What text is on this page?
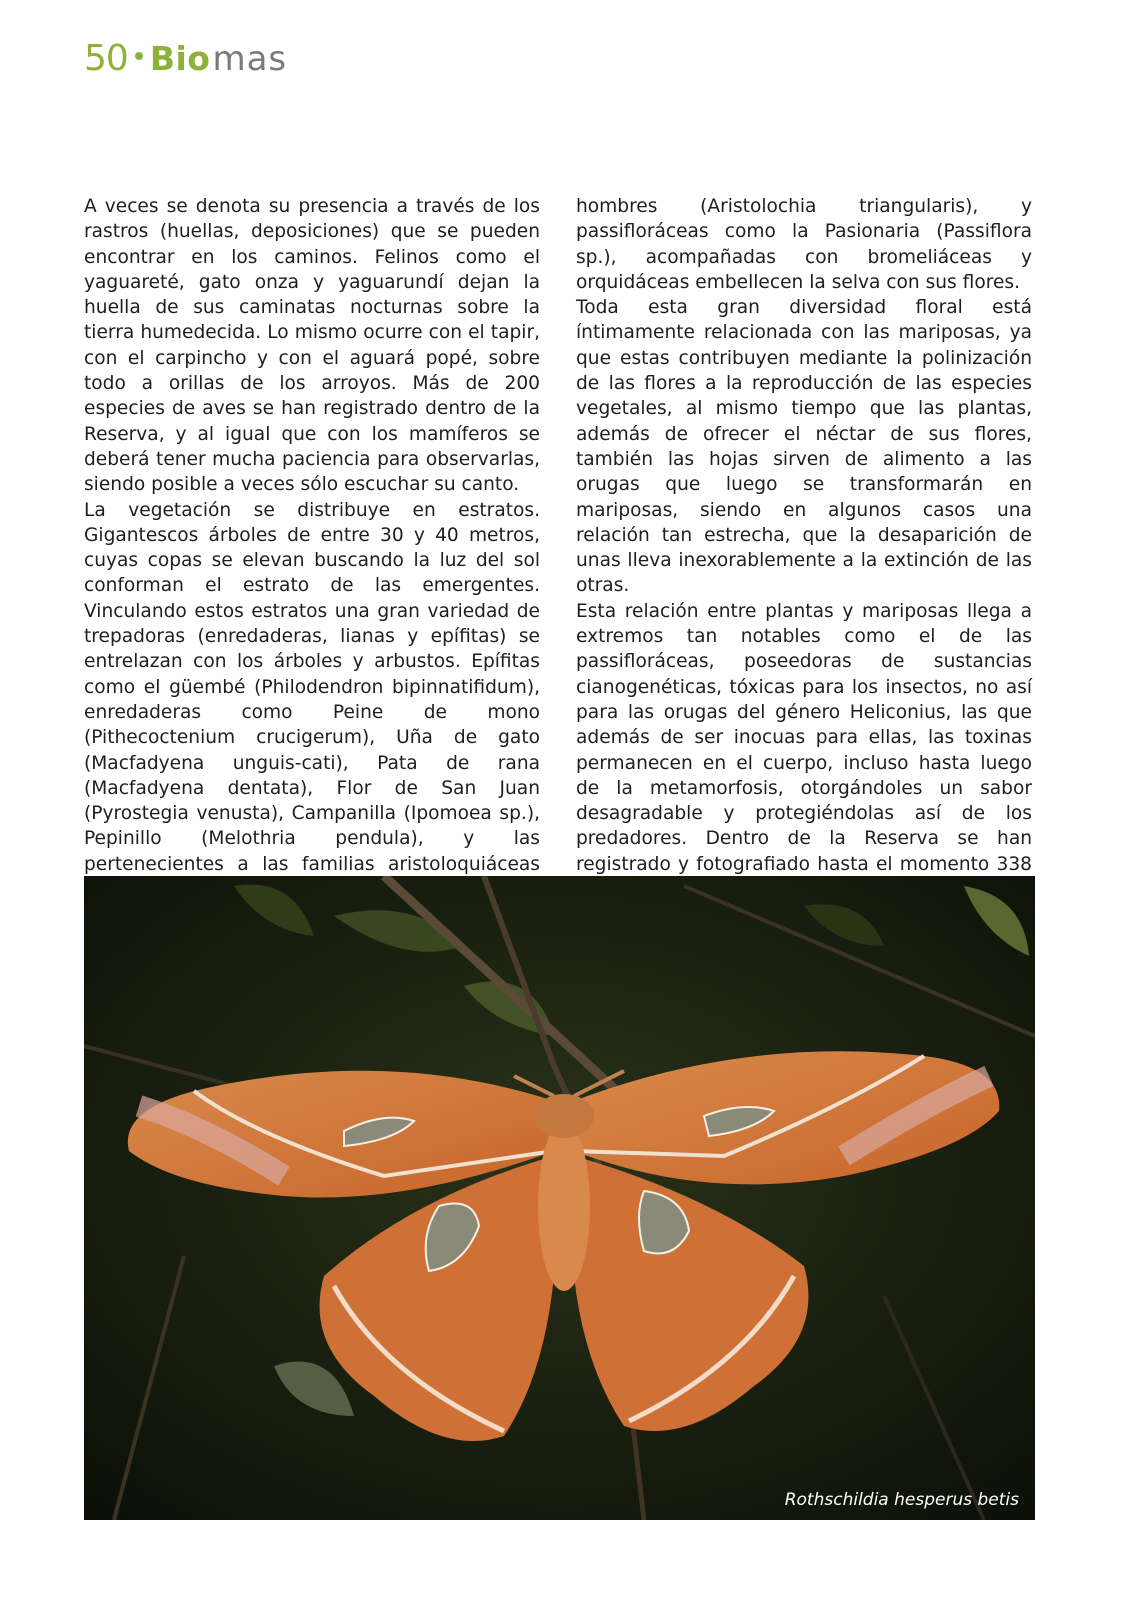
50 Bio mas

A veces se denota su presencia a través de los rastros (huellas, deposiciones) que se pueden encontrar en los caminos. Felinos como el yaguareté, gato onza y yaguarundí dejan la huella de sus caminatas nocturnas sobre la tierra humedecida. Lo mismo ocurre con el tapir, con el carpincho y con el aguará popé, sobre todo a orillas de los arroyos. Más de 200 especies de aves se han registrado dentro de la Reserva, y al igual que con los mamíferos se deberá tener mucha paciencia para observarlas, siendo posible a veces sólo escuchar su canto.

La vegetación se distribuye en estratos. Gigantescos árboles de entre 30 y 40 metros, cuyas copas se elevan buscando la luz del sol conforman el estrato de las emergentes. Vinculando estos estratos una gran variedad de trepadoras (enredaderas, lianas y epífitas) se entrelazan con los árboles y arbustos. Epífitas como el güembé (Philodendron bipinnatifidum), enredaderas como Peine de mono (Pithecoctenium crucigerum), Uña de gato (Macfadyena unguis-cati), Pata de rana (Macfadyena dentata), Flor de San Juan (Pyrostegia venusta), Campanilla (Ipomoea sp.), Pepinillo (Melothria pendula), y las pertenecientes a las familias aristoloquiáceas

hombres (Aristolochia triangularis), y passifloráceas como la Pasionaria (Passiflora sp.), acompañadas con bromeliáceas y orquidáceas embellecen la selva con sus flores.

Toda esta gran diversidad floral está íntimamente relacionada con las mariposas, ya que estas contribuyen mediante la polinización de las flores a la reproducción de las especies vegetales, al mismo tiempo que las plantas, además de ofrecer el néctar de sus flores, también las hojas sirven de alimento a las orugas que luego se transformarán en mariposas, siendo en algunos casos una relación tan estrecha, que la desaparición de unas lleva inexorablemente a la extinción de las otras.

Esta relación entre plantas y mariposas llega a extremos tan notables como el de las passifloráceas, poseedoras de sustancias cianogenéticas, tóxicas para los insectos, no así para las orugas del género Heliconius, las que además de ser inocuas para ellas, las toxinas permanecen en el cuerpo, incluso hasta luego de la metamorfosis, otorgándoles un sabor desagradable y protegiéndolas así de los predadores. Dentro de la Reserva se han registrado y fotografiado hasta el momento 338

Rothschildia hesperus betis
